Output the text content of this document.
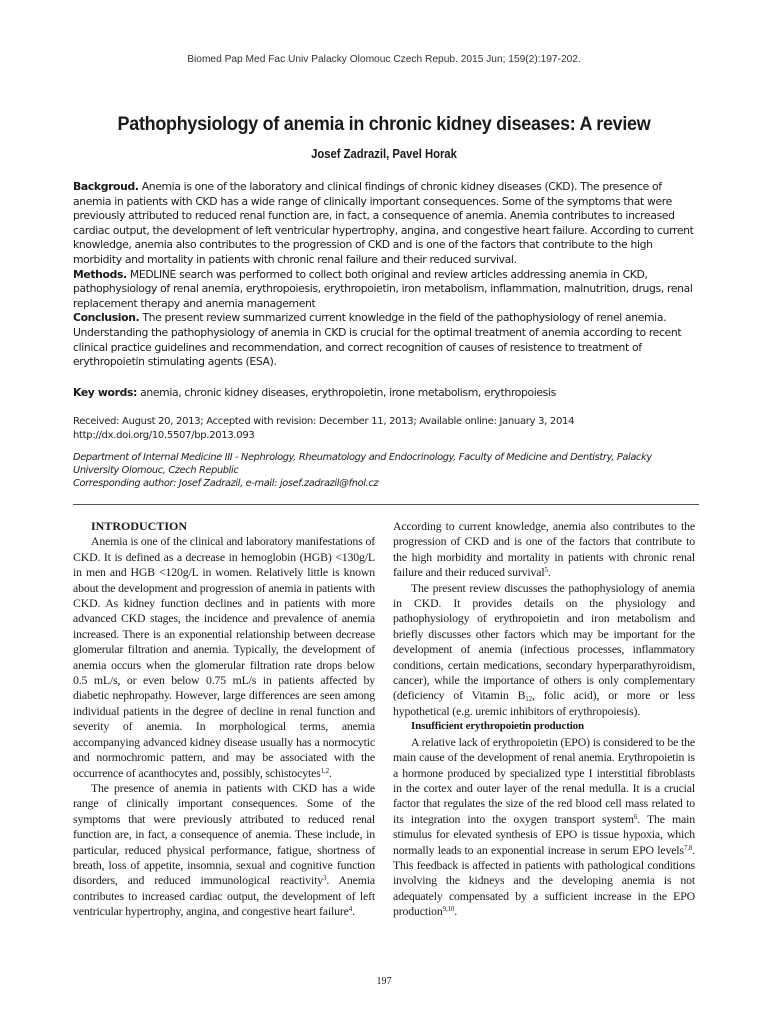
Biomed Pap Med Fac Univ Palacky Olomouc Czech Repub. 2015 Jun; 159(2):197-202.
Pathophysiology of anemia in chronic kidney diseases: A review
Josef Zadrazil, Pavel Horak

Backgroud. Anemia is one of the laboratory and clinical findings of chronic kidney diseases (CKD). The presence of anemia in patients with CKD has a wide range of clinically important consequences. Some of the symptoms that were previously attributed to reduced renal function are, in fact, a consequence of anemia. Anemia contributes to increased cardiac output, the development of left ventricular hypertrophy, angina, and congestive heart failure. According to current knowledge, anemia also contributes to the progression of CKD and is one of the factors that contribute to the high morbidity and mortality in patients with chronic renal failure and their reduced survival.

Methods. MEDLINE search was performed to collect both original and review articles addressing anemia in CKD, pathophysiology of renal anemia, erythropoiesis, erythropoietin, iron metabolism, inflammation, malnutrition, drugs, renal replacement therapy and anemia management

Conclusion. The present review summarized current knowledge in the field of the pathophysiology of renel anemia. Understanding the pathophysiology of anemia in CKD is crucial for the optimal treatment of anemia according to recent clinical practice guidelines and recommendation, and correct recognition of causes of resistence to treatment of erythropoietin stimulating agents (ESA).

Key words: anemia, chronic kidney diseases, erythropoietin, irone metabolism, erythropoiesis
Received: August 20, 2013; Accepted with revision: December 11, 2013; Available online: January 3, 2014
http://dx.doi.org/10.5507/bp.2013.093
Department of Internal Medicine III - Nephrology, Rheumatology and Endocrinology, Faculty of Medicine and Dentistry, Palacky University Olomouc, Czech Republic
Corresponding author: Josef Zadrazil, e-mail: josef.zadrazil@fnol.cz

INTRODUCTION

Anemia is one of the clinical and laboratory manifestations of CKD. It is defined as a decrease in hemoglobin (HGB) <130g/L in men and HGB <120g/L in women. Relatively little is known about the development and progression of anemia in patients with CKD. As kidney function declines and in patients with more advanced CKD stages, the incidence and prevalence of anemia increased. There is an exponential relationship between decrease glomerular filtration and anemia. Typically, the development of anemia occurs when the glomerular filtration rate drops below 0.5 mL/s, or even below 0.75 mL/s in patients affected by diabetic nephropathy. However, large differences are seen among individual patients in the degree of decline in renal function and severity of anemia. In morphological terms, anemia accompanying advanced kidney disease usually has a normocytic and normochromic pattern, and may be associated with the occurrence of acanthocytes and, possibly, schistocytes$^{1,2}$.

The presence of anemia in patients with CKD has a wide range of clinically important consequences. Some of the symptoms that were previously attributed to reduced renal function are, in fact, a consequence of anemia. These include, in particular, reduced physical performance, fatigue, shortness of breath, loss of appetite, insomnia, sexual and cognitive function disorders, and reduced immunological reactivity$^3$. Anemia contributes to increased cardiac output, the development of left ventricular hypertrophy, angina, and congestive heart failure$^4$.

According to current knowledge, anemia also contributes to the progression of CKD and is one of the factors that contribute to the high morbidity and mortality in patients with chronic renal failure and their reduced survival$^5$.

The present review discusses the pathophysiology of anemia in CKD. It provides details on the physiology and pathophysiology of erythropoietin and iron metabolism and briefly discusses other factors which may be important for the development of anemia (infectious processes, inflammatory conditions, certain medications, secondary hyperparathyroidism, cancer), while the importance of others is only complementary (deficiency of Vitamin $B_{12}$, folic acid), or more or less hypothetical (e.g. uremic inhibitors of erythropoiesis).

Insufficient erythropoietin production

A relative lack of erythropoietin (EPO) is considered to be the main cause of the development of renal anemia. Erythropoietin is a hormone produced by specialized type I interstitial fibroblasts in the cortex and outer layer of the renal medulla. It is a crucial factor that regulates the size of the red blood cell mass related to its integration into the oxygen transport system$^6$. The main stimulus for elevated synthesis of EPO is tissue hypoxia, which normally leads to an exponential increase in serum EPO levels$^{7,8}$. This feedback is affected in patients with pathological conditions involving the kidneys and the developing anemia is not adequately compensated by a sufficient increase in the EPO production$^{9,10}$.

197
